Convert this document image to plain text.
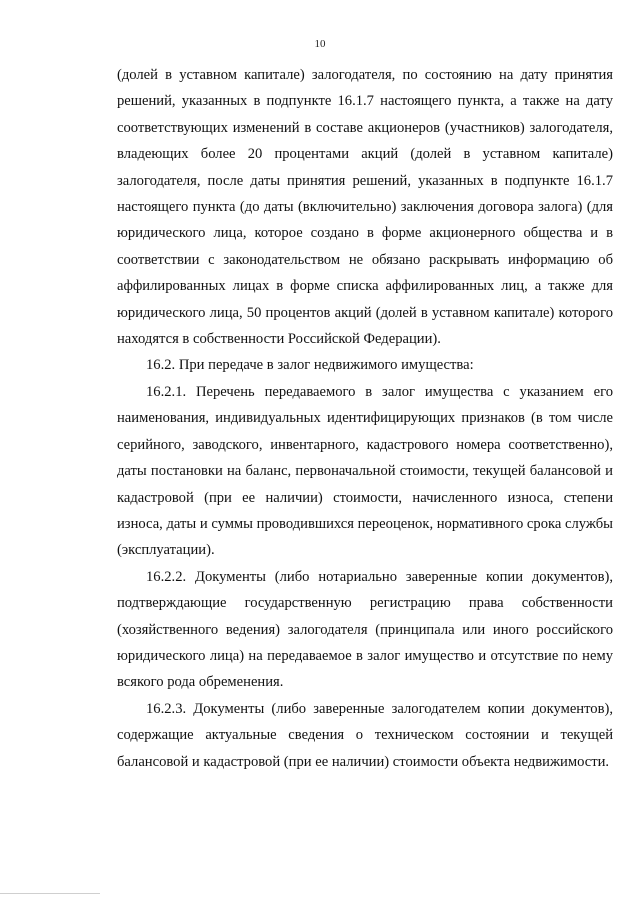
10

(долей в уставном капитале) залогодателя, по состоянию на дату принятия решений, указанных в подпункте 16.1.7 настоящего пункта, а также на дату соответствующих изменений в составе акционеров (участников) залогодателя, владеющих более 20 процентами акций (долей в уставном капитале) залогодателя, после даты принятия решений, указанных в подпункте 16.1.7 настоящего пункта (до даты (включительно) заключения договора залога) (для юридического лица, которое создано в форме акционерного общества и в соответствии с законодательством не обязано раскрывать информацию об аффилированных лицах в форме списка аффилированных лиц, а также для юридического лица, 50 процентов акций (долей в уставном капитале) которого находятся в собственности Российской Федерации).

16.2. При передаче в залог недвижимого имущества:

16.2.1. Перечень передаваемого в залог имущества с указанием его наименования, индивидуальных идентифицирующих признаков (в том числе серийного, заводского, инвентарного, кадастрового номера соответственно), даты постановки на баланс, первоначальной стоимости, текущей балансовой и кадастровой (при ее наличии) стоимости, начисленного износа, степени износа, даты и суммы проводившихся переоценок, нормативного срока службы (эксплуатации).

16.2.2. Документы (либо нотариально заверенные копии документов), подтверждающие государственную регистрацию права собственности (хозяйственного ведения) залогодателя (принципала или иного российского юридического лица) на передаваемое в залог имущество и отсутствие по нему всякого рода обременения.

16.2.3. Документы (либо заверенные залогодателем копии документов), содержащие актуальные сведения о техническом состоянии и текущей балансовой и кадастровой (при ее наличии) стоимости объекта недвижимости.
